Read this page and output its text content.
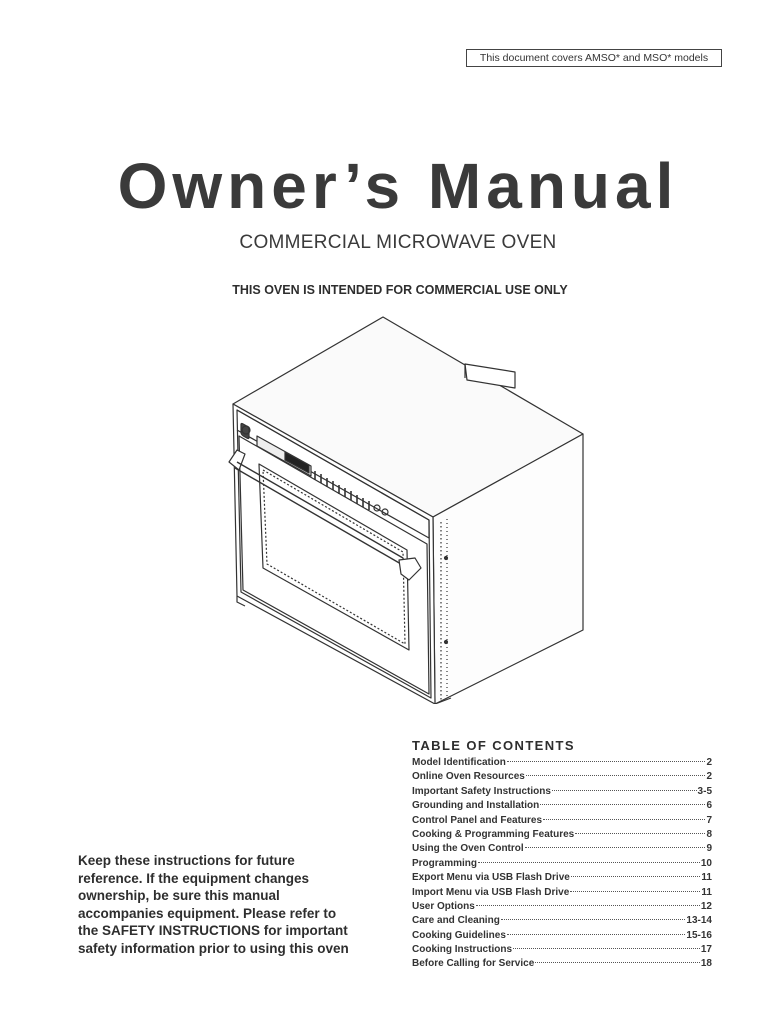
This document covers AMSO* and MSO* models
Owner’s Manual
COMMERCIAL MICROWAVE OVEN
THIS OVEN IS INTENDED FOR COMMERCIAL USE ONLY
Keep these instructions for future
reference. If the equipment changes
ownership, be sure this manual
accompanies equipment. Please refer to
the SAFETY INSTRUCTIONS for important
safety information prior to using this oven
TABLE OF CONTENTS
Model Identification	2
Online Oven Resources	2
Important Safety Instructions	3-5
Grounding and Installation	6
Control Panel and Features	7
Cooking & Programming Features	8
Using the Oven Control	9
Programming	10
Export Menu via USB Flash Drive	11
Import Menu via USB Flash Drive	11
User Options	12
Care and Cleaning	13-14
Cooking Guidelines	15-16
Cooking Instructions	17
Before Calling for Service	18
